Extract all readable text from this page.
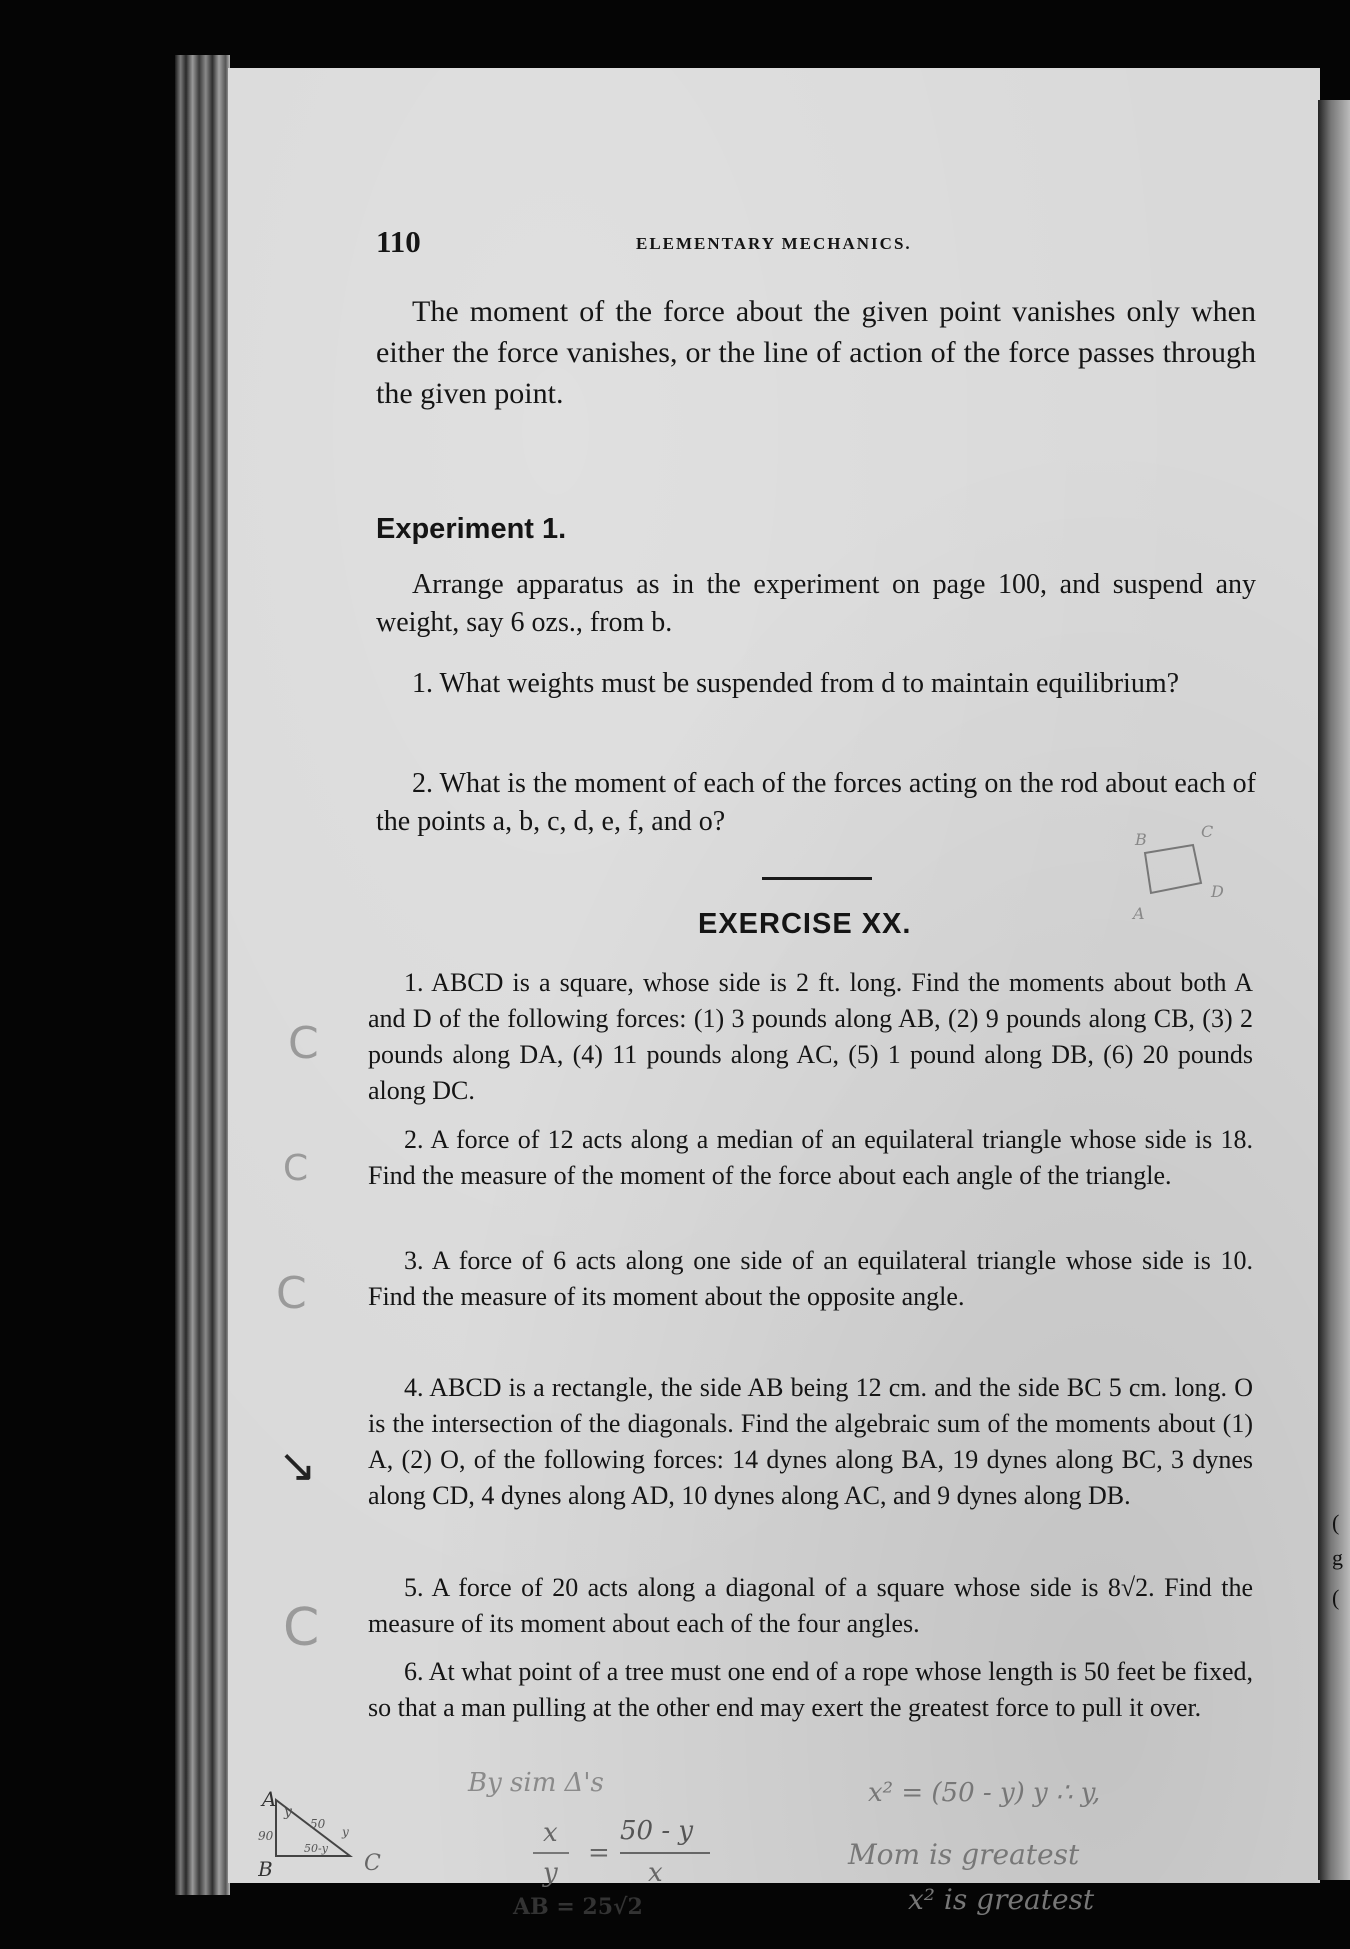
110	ELEMENTARY MECHANICS.
The moment of the force about the given point vanishes only when either the force vanishes, or the line of action of the force passes through the given point.
Experiment 1.
Arrange apparatus as in the experiment on page 100, and suspend any weight, say 6 ozs., from b.
1. What weights must be suspended from d to maintain equilibrium?
2. What is the moment of each of the forces acting on the rod about each of the points a, b, c, d, e, f, and o?
B	C
A
D
EXERCISE XX.
1. ABCD is a square, whose side is 2 ft. long. Find the moments about both A and D of the following forces: (1) 3 pounds along AB, (2) 9 pounds along CB, (3) 2 pounds along DA, (4) 11 pounds along AC, (5) 1 pound along DB, (6) 20 pounds along DC.
2. A force of 12 acts along a median of an equilateral triangle whose side is 18. Find the measure of the moment of the force about each angle of the triangle.
3. A force of 6 acts along one side of an equilateral triangle whose side is 10. Find the measure of its moment about the opposite angle.
4. ABCD is a rectangle, the side AB being 12 cm. and the side BC 5 cm. long. O is the intersection of the diagonals. Find the algebraic sum of the moments about (1) A, (2) O, of the following forces: 14 dynes along BA, 19 dynes along BC, 3 dynes along CD, 4 dynes along AD, 10 dynes along AC, and 9 dynes along DB.
5. A force of 20 acts along a diagonal of a square whose side is 8√2. Find the measure of its moment about each of the four angles.
6. At what point of a tree must one end of a rope whose length is 50 feet be fixed, so that a man pulling at the other end may exert the greatest force to pull it over.
C
C
C
↘
C
A
y
90
50
y
50-y
B	C
By sim Δ's
x
y
=
50 - y
x
AB = 25√2
x² = (50 - y) y ∴ y,
Mom is greatest
x² is greatest
(
g
(
